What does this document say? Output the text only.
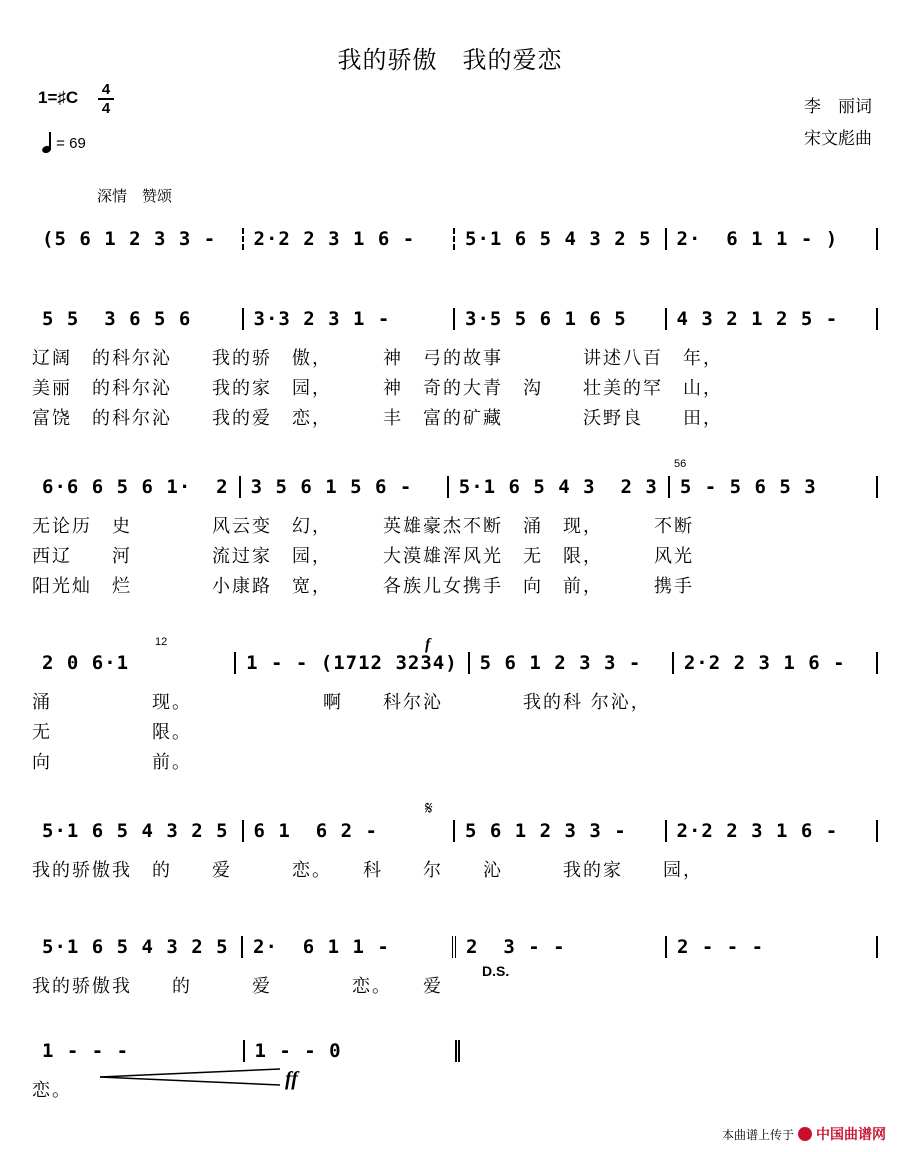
我的骄傲　我的爱恋
1=♯C 4
4
= 69
李　丽词
宋文彪曲
深情　赞颂
(5 6 1 2 3 3 -	2·2 2 3 1 6 -	5·1 6 5 4 3 2 5	2·  6 1 1 - )
5 5  3 6 5 6	3·3 2 3 1 -	3·5 5 6 1 6 5	4 3 2 1 2 5 -
辽阔　的科尔沁　　我的骄　傲，　　　神　弓的故事　　　　讲述八百　年，
美丽　的科尔沁　　我的家　园，　　　神　奇的大青　沟　　壮美的罕　山，
富饶　的科尔沁　　我的爱　恋，　　　丰　富的矿藏　　　　沃野良　　田，
56
6·6 6 5 6 1·  2	3 5 6 1 5 6 -	5·1 6 5 4 3  2 3	5 - 5 6 5 3
无论历　史　　　　风云变　幻，　　　英雄豪杰不断　涌　现，　　　不断
西辽　　河　　　　流过家　园，　　　大漠雄浑风光　无　限，　　　风光
阳光灿　烂　　　　小康路　宽，　　　各族儿女携手　向　前，　　　携手
12
2 0 6·1	1 - - (1712 3234)	5 6 1 2 3 3 -	2·2 2 3 1 6 -
涌　　　　　现。　　　　　　　啊　　科尔沁　　　　我的科 尔沁，
无　　　　　限。
向　　　　　前。
f
𝄋
5·1 6 5 4 3 2 5	6 1  6 2 -	5 6 1 2 3 3 -	2·2 2 3 1 6 -
我的骄傲我　的　　爱　　　恋。　　科　　尔　　沁　　　我的家　　园，
5·1 6 5 4 3 2 5	2·  6 1 1 -	2  3 - -	2 - - -
我的骄傲我　　的　　　爱　　　　恋。　　爱
D.S.
1 - - -	1 - - 0
恋。
ff
本曲谱上传于 中国曲谱网
